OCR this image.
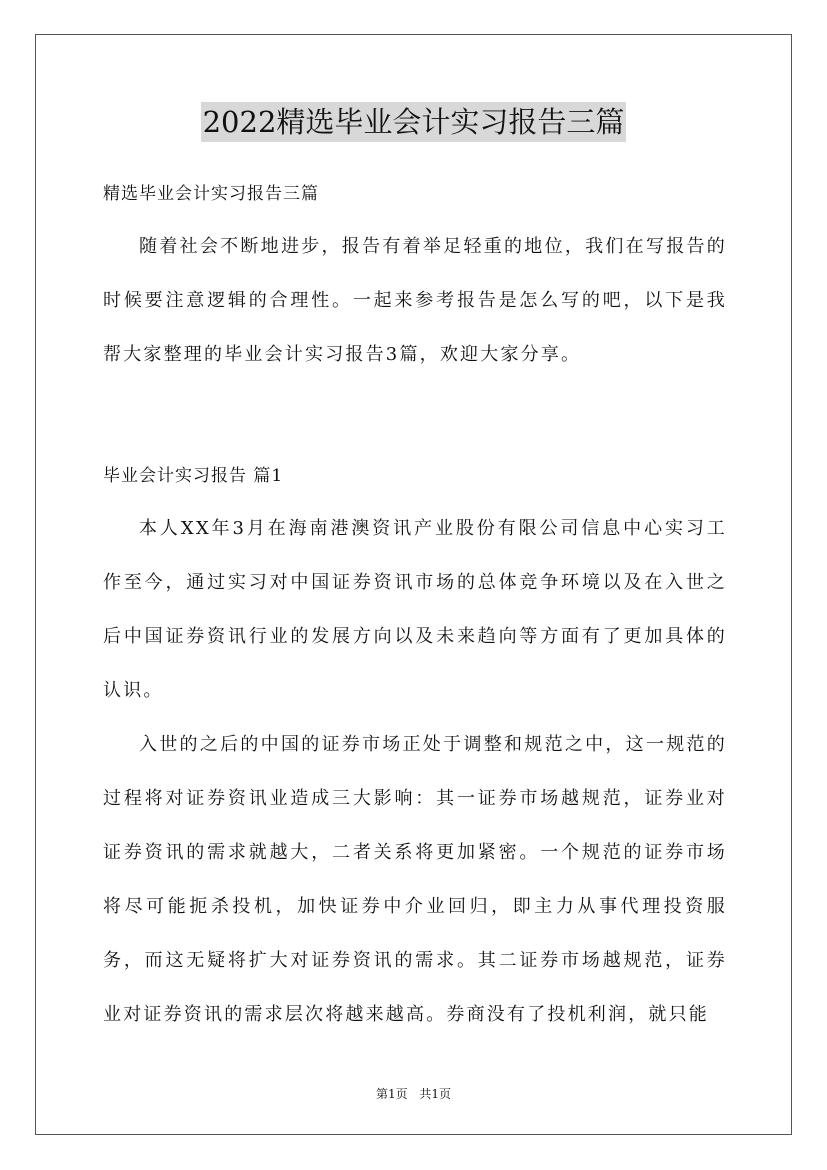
2022精选毕业会计实习报告三篇

精选毕业会计实习报告三篇

随着社会不断地进步，报告有着举足轻重的地位，我们在写报告的时候要注意逻辑的合理性。一起来参考报告是怎么写的吧，以下是我帮大家整理的毕业会计实习报告3篇，欢迎大家分享。

毕业会计实习报告 篇1

本人XX年3月在海南港澳资讯产业股份有限公司信息中心实习工作至今，通过实习对中国证券资讯市场的总体竞争环境以及在入世之后中国证券资讯行业的发展方向以及未来趋向等方面有了更加具体的认识。

入世的之后的中国的证券市场正处于调整和规范之中，这一规范的过程将对证券资讯业造成三大影响：其一证券市场越规范，证券业对证券资讯的需求就越大，二者关系将更加紧密。一个规范的证券市场将尽可能扼杀投机，加快证券中介业回归，即主力从事代理投资服务，而这无疑将扩大对证券资讯的需求。其二证券市场越规范，证券业对证券资讯的需求层次将越来越高。券商没有了投机利润，就只能

第1页 共1页
